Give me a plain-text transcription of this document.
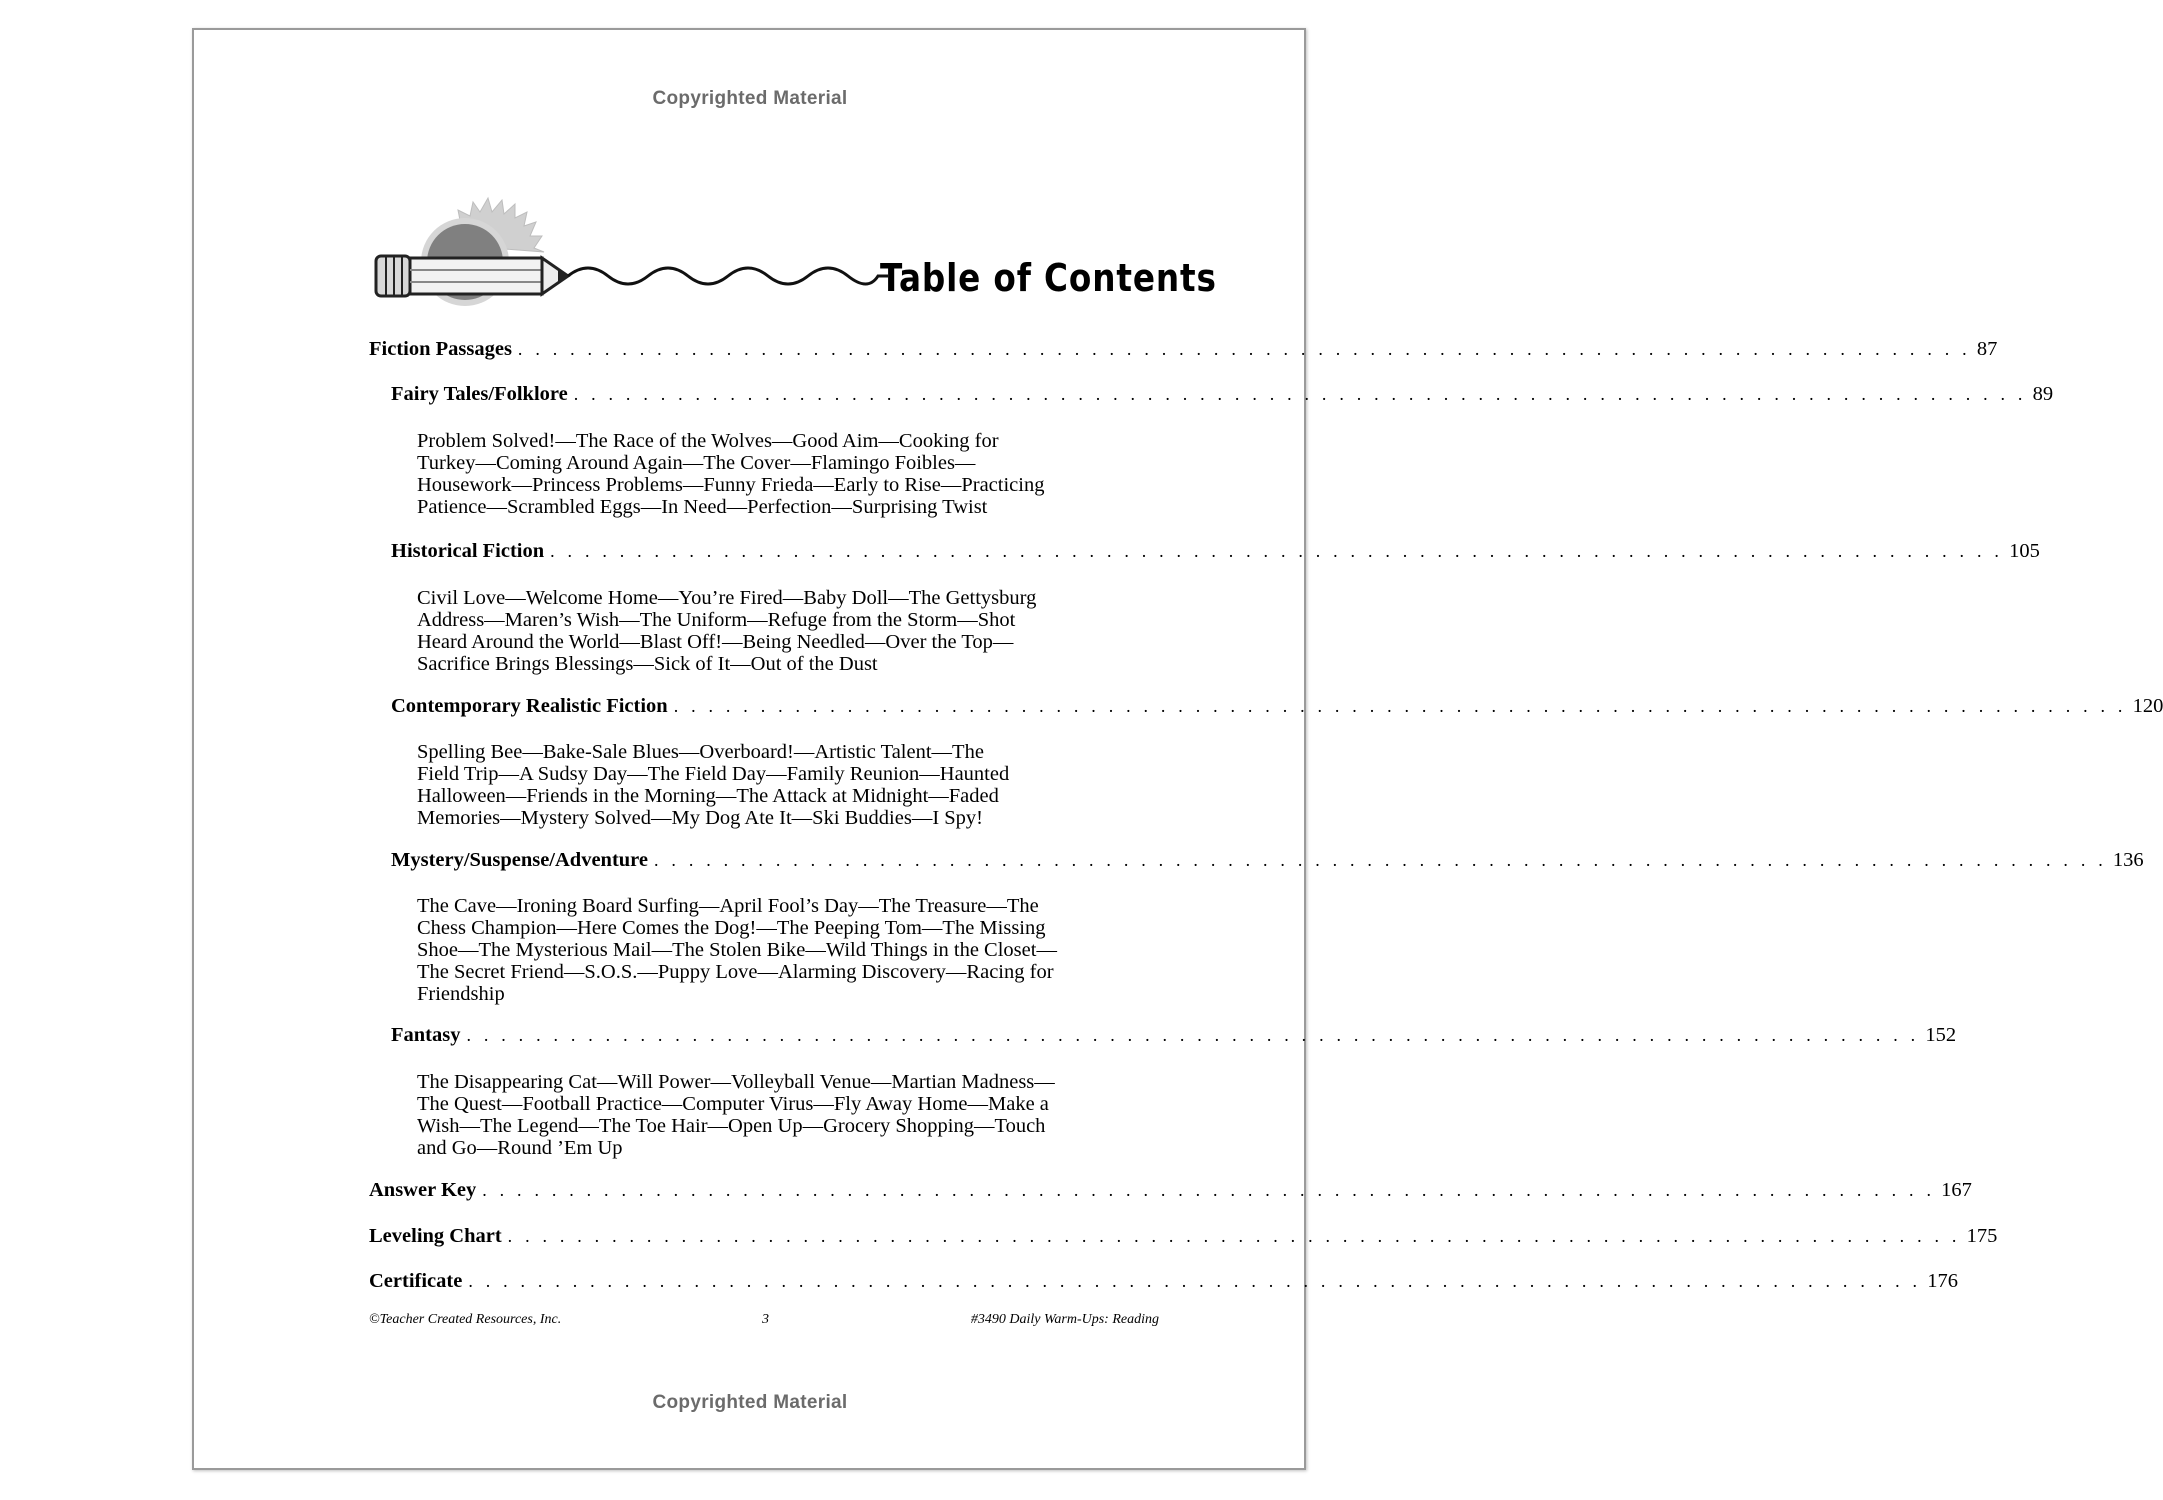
Copyrighted Material
Table of Contents
Fiction Passages . . . . . . . . . . . . . . . . . . . . . . . . . . . . . . . . . . . . . . . . . . . . . . . . . . . . . . . . . . . . . . . . . . . . . . . . . . . . . . . . . . . . 87
Fairy Tales/Folklore . . . . . . . . . . . . . . . . . . . . . . . . . . . . . . . . . . . . . . . . . . . . . . . . . . . . . . . . . . . . . . . . . . . . . . . . . . . . . . . . . . . . 89
Problem Solved!—The Race of the Wolves—Good Aim—Cooking for
Turkey—Coming Around Again—The Cover—Flamingo Foibles—
Housework—Princess Problems—Funny Frieda—Early to Rise—Practicing
Patience—Scrambled Eggs—In Need—Perfection—Surprising Twist
Historical Fiction . . . . . . . . . . . . . . . . . . . . . . . . . . . . . . . . . . . . . . . . . . . . . . . . . . . . . . . . . . . . . . . . . . . . . . . . . . . . . . . . . . . . 105
Civil Love—Welcome Home—You’re Fired—Baby Doll—The Gettysburg
Address—Maren’s Wish—The Uniform—Refuge from the Storm—Shot
Heard Around the World—Blast Off!—Being Needled—Over the Top—
Sacrifice Brings Blessings—Sick of It—Out of the Dust
Contemporary Realistic Fiction . . . . . . . . . . . . . . . . . . . . . . . . . . . . . . . . . . . . . . . . . . . . . . . . . . . . . . . . . . . . . . . . . . . . . . . . . . . . . . . . . . . . 120
Spelling Bee—Bake-Sale Blues—Overboard!—Artistic Talent—The
Field Trip—A Sudsy Day—The Field Day—Family Reunion—Haunted
Halloween—Friends in the Morning—The Attack at Midnight—Faded
Memories—Mystery Solved—My Dog Ate It—Ski Buddies—I Spy!
Mystery/Suspense/Adventure . . . . . . . . . . . . . . . . . . . . . . . . . . . . . . . . . . . . . . . . . . . . . . . . . . . . . . . . . . . . . . . . . . . . . . . . . . . . . . . . . . . . 136
The Cave—Ironing Board Surfing—April Fool’s Day—The Treasure—The
Chess Champion—Here Comes the Dog!—The Peeping Tom—The Missing
Shoe—The Mysterious Mail—The Stolen Bike—Wild Things in the Closet—
The Secret Friend—S.O.S.—Puppy Love—Alarming Discovery—Racing for
Friendship
Fantasy . . . . . . . . . . . . . . . . . . . . . . . . . . . . . . . . . . . . . . . . . . . . . . . . . . . . . . . . . . . . . . . . . . . . . . . . . . . . . . . . . . . . 152
The Disappearing Cat—Will Power—Volleyball Venue—Martian Madness—
The Quest—Football Practice—Computer Virus—Fly Away Home—Make a
Wish—The Legend—The Toe Hair—Open Up—Grocery Shopping—Touch
and Go—Round ’Em Up
Answer Key . . . . . . . . . . . . . . . . . . . . . . . . . . . . . . . . . . . . . . . . . . . . . . . . . . . . . . . . . . . . . . . . . . . . . . . . . . . . . . . . . . . . 167
Leveling Chart . . . . . . . . . . . . . . . . . . . . . . . . . . . . . . . . . . . . . . . . . . . . . . . . . . . . . . . . . . . . . . . . . . . . . . . . . . . . . . . . . . . . 175
Certificate . . . . . . . . . . . . . . . . . . . . . . . . . . . . . . . . . . . . . . . . . . . . . . . . . . . . . . . . . . . . . . . . . . . . . . . . . . . . . . . . . . . . 176
©Teacher Created Resources, Inc.	3	#3490 Daily Warm-Ups: Reading
Copyrighted Material
